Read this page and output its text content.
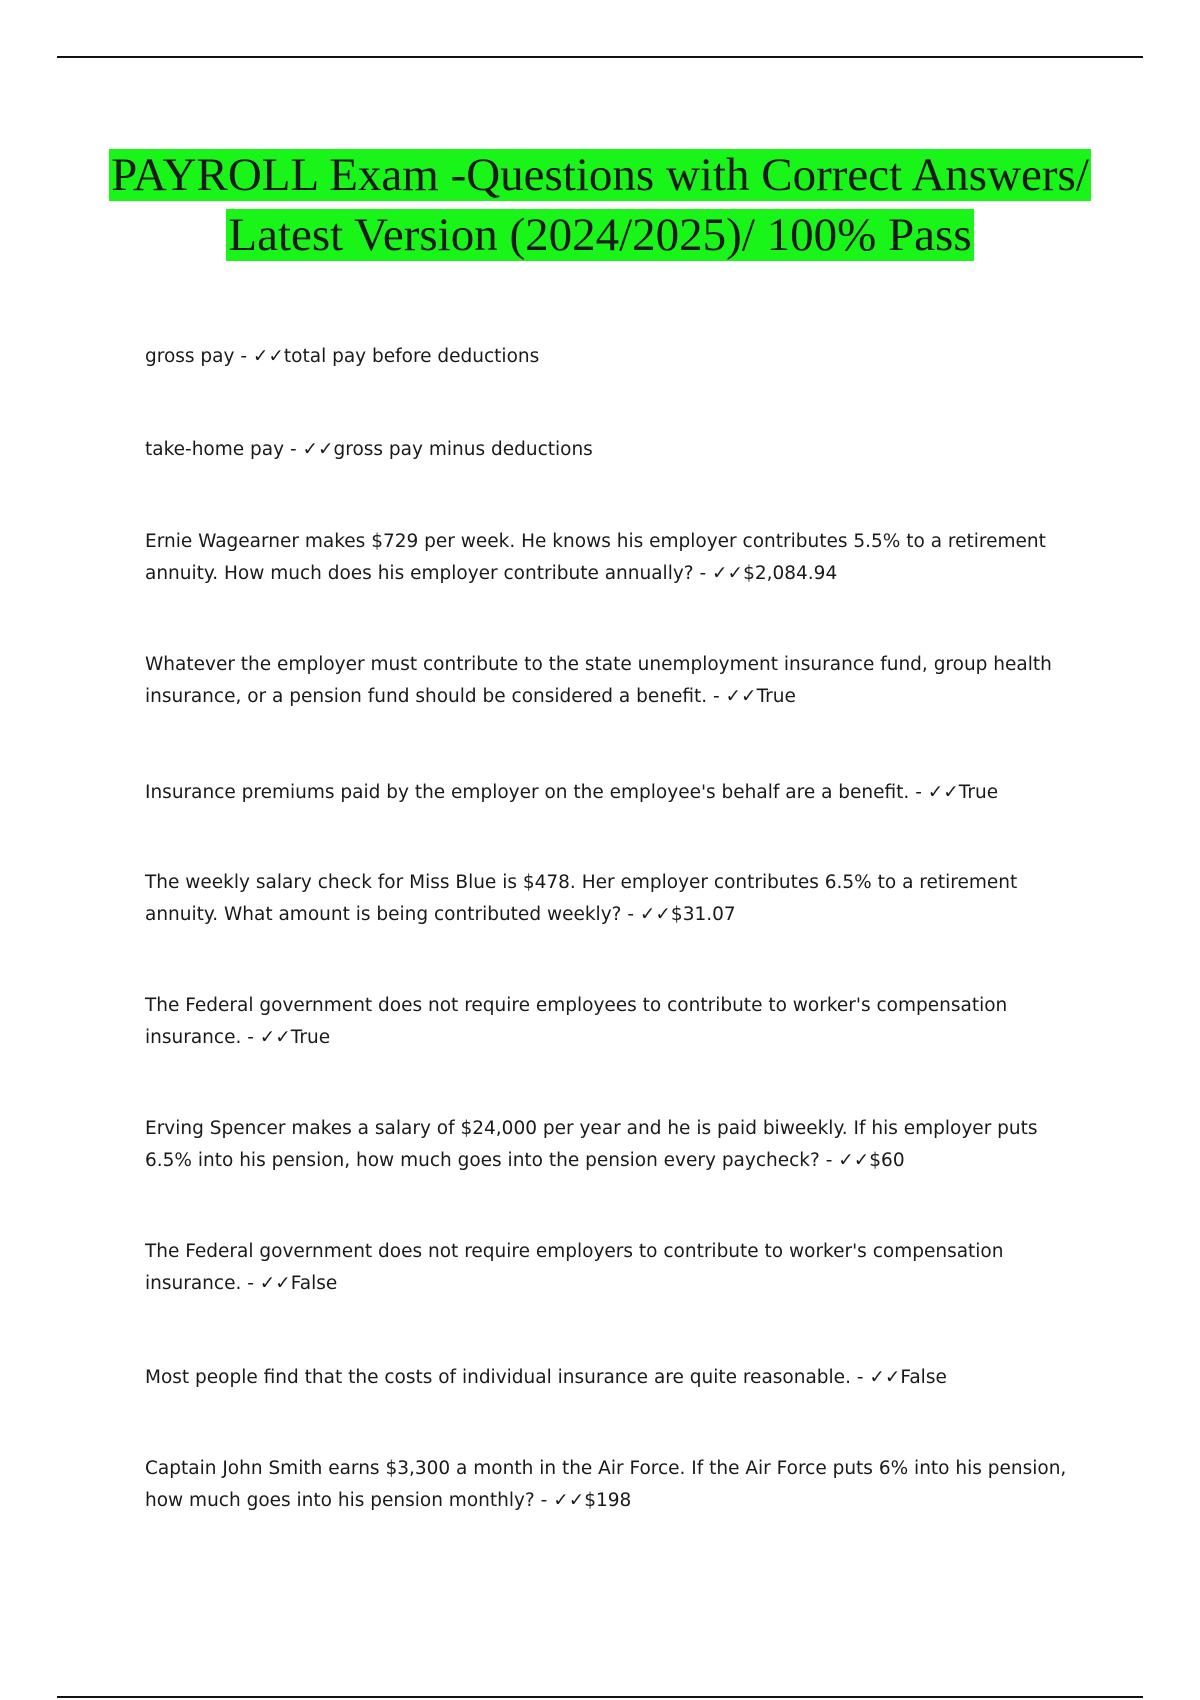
PAYROLL Exam -Questions with Correct Answers/ Latest Version (2024/2025)/ 100% Pass

gross pay - ✓✓total pay before deductions

take-home pay - ✓✓gross pay minus deductions

Ernie Wagearner makes $729 per week. He knows his employer contributes 5.5% to a retirement annuity. How much does his employer contribute annually? - ✓✓$2,084.94

Whatever the employer must contribute to the state unemployment insurance fund, group health insurance, or a pension fund should be considered a benefit. - ✓✓True

Insurance premiums paid by the employer on the employee's behalf are a benefit. - ✓✓True

The weekly salary check for Miss Blue is $478. Her employer contributes 6.5% to a retirement annuity. What amount is being contributed weekly? - ✓✓$31.07

The Federal government does not require employees to contribute to worker's compensation insurance. - ✓✓True

Erving Spencer makes a salary of $24,000 per year and he is paid biweekly. If his employer puts 6.5% into his pension, how much goes into the pension every paycheck? - ✓✓$60

The Federal government does not require employers to contribute to worker's compensation insurance. - ✓✓False

Most people find that the costs of individual insurance are quite reasonable. - ✓✓False

Captain John Smith earns $3,300 a month in the Air Force. If the Air Force puts 6% into his pension, how much goes into his pension monthly? - ✓✓$198
